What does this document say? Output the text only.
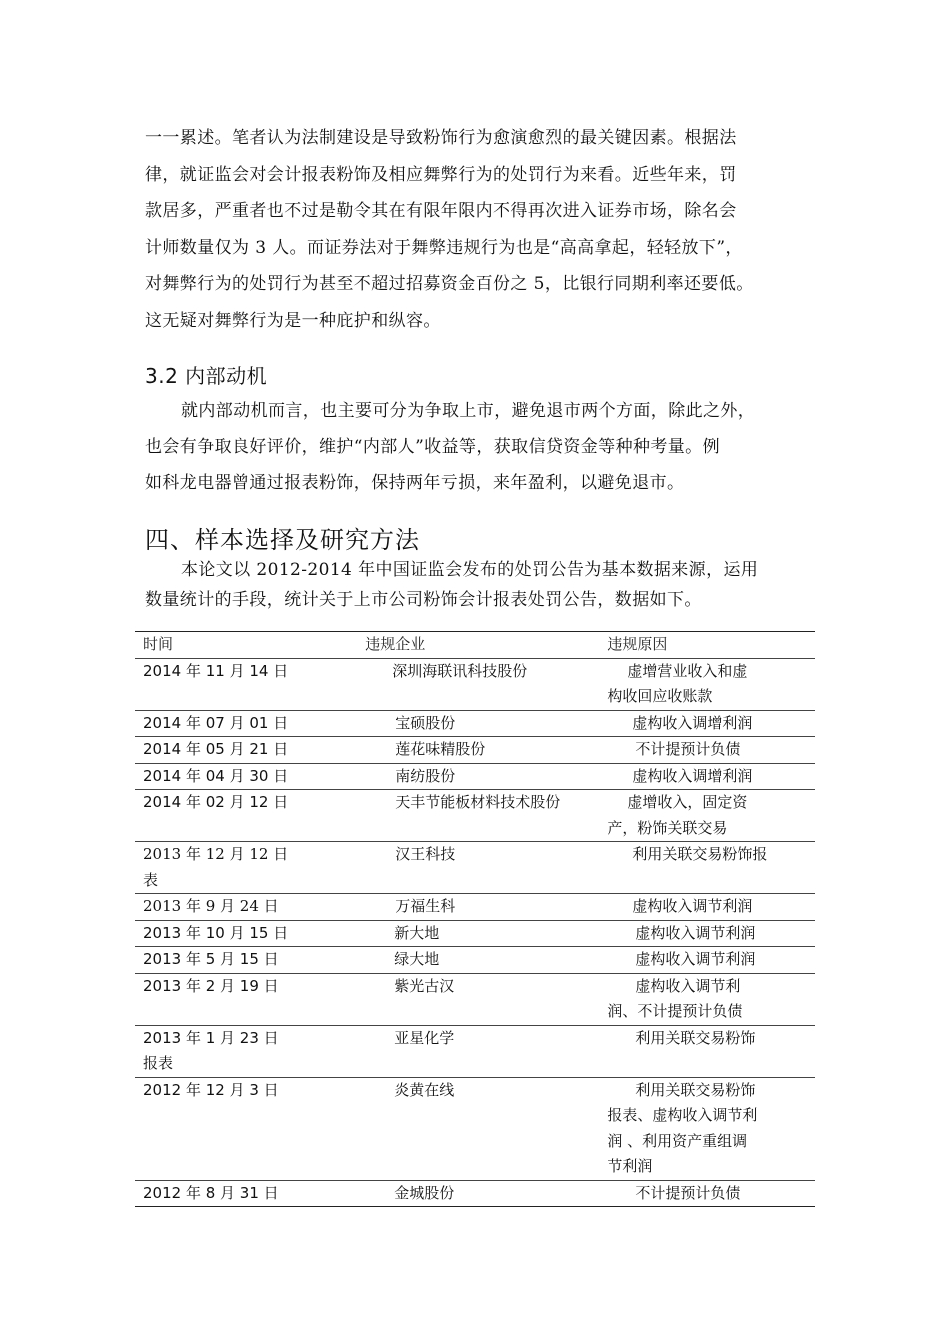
一一累述。笔者认为法制建设是导致粉饰行为愈演愈烈的最关键因素。根据法
律，就证监会对会计报表粉饰及相应舞弊行为的处罚行为来看。近些年来，罚
款居多，严重者也不过是勒令其在有限年限内不得再次进入证券市场，除名会
计师数量仅为 3 人。而证券法对于舞弊违规行为也是“高高拿起，轻轻放下”，
对舞弊行为的处罚行为甚至不超过招募资金百份之 5，比银行同期利率还要低。
这无疑对舞弊行为是一种庇护和纵容。
3.2 内部动机
就内部动机而言，也主要可分为争取上市，避免退市两个方面，除此之外，
也会有争取良好评价，维护“内部人”收益等，获取信贷资金等种种考量。例
如科龙电器曾通过报表粉饰，保持两年亏损，来年盈利，以避免退市。
四、样本选择及研究方法
本论文以 2012-2014 年中国证监会发布的处罚公告为基本数据来源，运用
数量统计的手段，统计关于上市公司粉饰会计报表处罚公告，数据如下。
时间	违规企业	违规原因

2014 年 11 月 14 日	深圳海联讯科技股份	虚增营业收入和虚
构收回应收账款

2014 年 07 月 01 日	宝硕股份	虚构收入调增利润

2014 年 05 月 21 日	莲花味精股份	不计提预计负债

2014 年 04 月 30 日	南纺股份	虚构收入调增利润

2014 年 02 月 12 日	天丰节能板材料技术股份	虚增收入，固定资
产，粉饰关联交易

2013 年 12 月 12 日
表	汉王科技	利用关联交易粉饰报

2013 年 9 月 24 日	万福生科	虚构收入调节利润

2013 年 10 月 15 日	新大地	虚构收入调节利润

2013 年 5 月 15 日	绿大地	虚构收入调节利润

2013 年 2 月 19 日	紫光古汉	虚构收入调节利
润、不计提预计负债

2013 年 1 月 23 日
报表	亚星化学	利用关联交易粉饰

2012 年 12 月 3 日	炎黄在线	利用关联交易粉饰
报表、虚构收入调节利
润 、利用资产重组调
节利润

2012 年 8 月 31 日	金城股份	不计提预计负债
